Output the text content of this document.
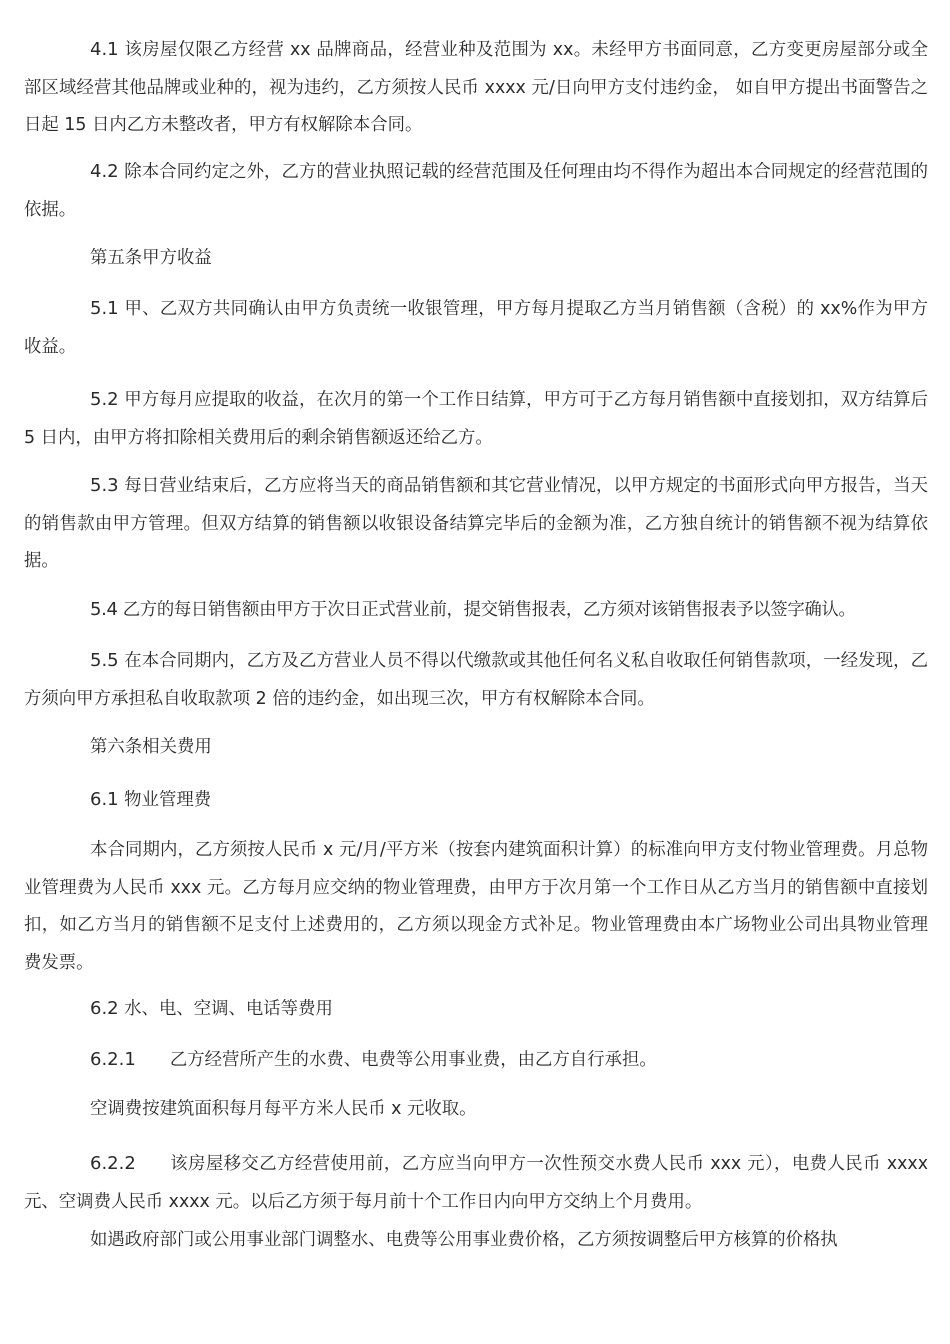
4.1 该房屋仅限乙方经营 xx 品牌商品，经营业种及范围为 xx。未经甲方书面同意，乙方变更房屋部分或全部区域经营其他品牌或业种的，视为违约，乙方须按人民币 xxxx 元/日向甲方支付违约金， 如自甲方提出书面警告之日起 15 日内乙方未整改者，甲方有权解除本合同。

4.2 除本合同约定之外，乙方的营业执照记载的经营范围及任何理由均不得作为超出本合同规定的经营范围的依据。

第五条甲方收益

5.1 甲、乙双方共同确认由甲方负责统一收银管理，甲方每月提取乙方当月销售额（含税）的 xx%作为甲方收益。

5.2 甲方每月应提取的收益，在次月的第一个工作日结算，甲方可于乙方每月销售额中直接划扣，双方结算后 5 日内，由甲方将扣除相关费用后的剩余销售额返还给乙方。

5.3 每日营业结束后，乙方应将当天的商品销售额和其它营业情况，以甲方规定的书面形式向甲方报告，当天的销售款由甲方管理。但双方结算的销售额以收银设备结算完毕后的金额为准，乙方独自统计的销售额不视为结算依据。

5.4 乙方的每日销售额由甲方于次日正式营业前，提交销售报表，乙方须对该销售报表予以签字确认。

5.5 在本合同期内，乙方及乙方营业人员不得以代缴款或其他任何名义私自收取任何销售款项，一经发现，乙方须向甲方承担私自收取款项 2 倍的违约金，如出现三次，甲方有权解除本合同。

第六条相关费用

6.1 物业管理费

本合同期内，乙方须按人民币 x 元/月/平方米（按套内建筑面积计算）的标准向甲方支付物业管理费。月总物业管理费为人民币 xxx 元。乙方每月应交纳的物业管理费，由甲方于次月第一个工作日从乙方当月的销售额中直接划扣，如乙方当月的销售额不足支付上述费用的，乙方须以现金方式补足。物业管理费由本广场物业公司出具物业管理费发票。

6.2 水、电、空调、电话等费用

6.2.1 乙方经营所产生的水费、电费等公用事业费，由乙方自行承担。

空调费按建筑面积每月每平方米人民币 x 元收取。

6.2.2 该房屋移交乙方经营使用前，乙方应当向甲方一次性预交水费人民币 xxx 元），电费人民币 xxxx 元、空调费人民币 xxxx 元。以后乙方须于每月前十个工作日内向甲方交纳上个月费用。

如遇政府部门或公用事业部门调整水、电费等公用事业费价格，乙方须按调整后甲方核算的价格执
